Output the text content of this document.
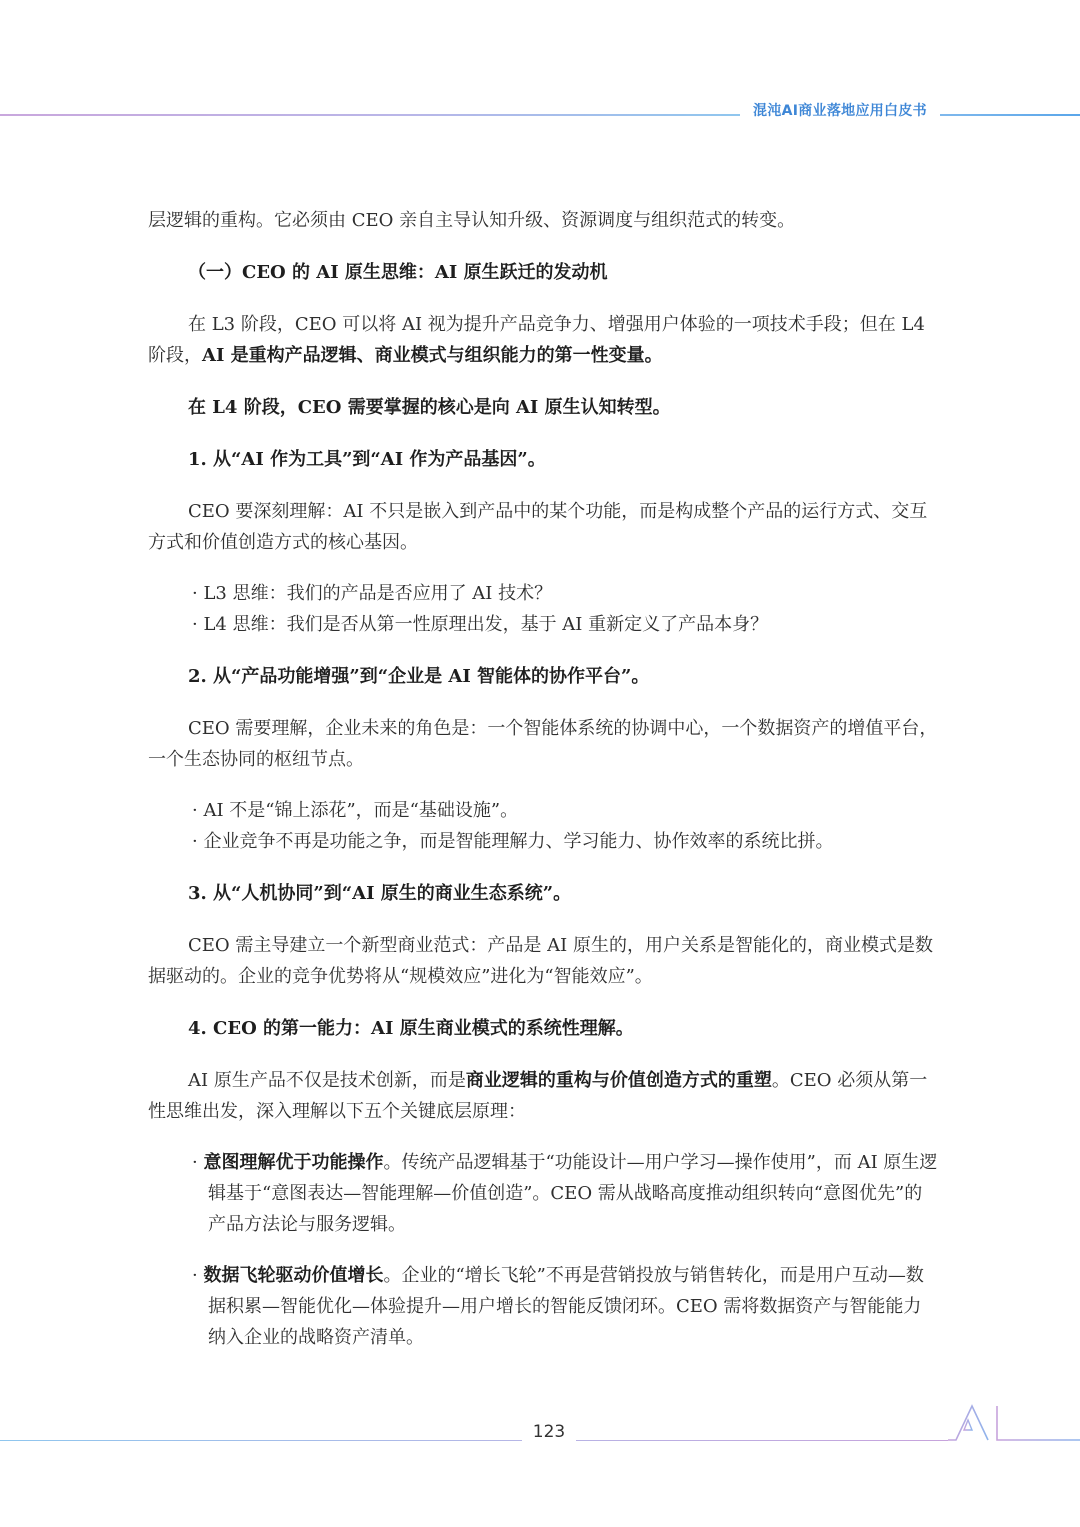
混沌AI商业落地应用白皮书

层逻辑的重构。它必须由 CEO 亲自主导认知升级、资源调度与组织范式的转变。

（一）CEO 的 AI 原生思维：AI 原生跃迁的发动机

在 L3 阶段，CEO 可以将 AI 视为提升产品竞争力、增强用户体验的一项技术手段；但在 L4 阶段，AI 是重构产品逻辑、商业模式与组织能力的第一性变量。

在 L4 阶段，CEO 需要掌握的核心是向 AI 原生认知转型。

1. 从“AI 作为工具”到“AI 作为产品基因”。

CEO 要深刻理解：AI 不只是嵌入到产品中的某个功能，而是构成整个产品的运行方式、交互方式和价值创造方式的核心基因。

· L3 思维：我们的产品是否应用了 AI 技术？

· L4 思维：我们是否从第一性原理出发，基于 AI 重新定义了产品本身？

2. 从“产品功能增强”到“企业是 AI 智能体的协作平台”。

CEO 需要理解，企业未来的角色是：一个智能体系统的协调中心，一个数据资产的增值平台，一个生态协同的枢纽节点。

· AI 不是“锦上添花”，而是“基础设施”。

· 企业竞争不再是功能之争，而是智能理解力、学习能力、协作效率的系统比拼。

3. 从“人机协同”到“AI 原生的商业生态系统”。

CEO 需主导建立一个新型商业范式：产品是 AI 原生的，用户关系是智能化的，商业模式是数据驱动的。企业的竞争优势将从“规模效应”进化为“智能效应”。

4. CEO 的第一能力：AI 原生商业模式的系统性理解。

AI 原生产品不仅是技术创新，而是商业逻辑的重构与价值创造方式的重塑。CEO 必须从第一性思维出发，深入理解以下五个关键底层原理：

· 意图理解优于功能操作。传统产品逻辑基于“功能设计—用户学习—操作使用”，而 AI 原生逻辑基于“意图表达—智能理解—价值创造”。CEO 需从战略高度推动组织转向“意图优先”的产品方法论与服务逻辑。

· 数据飞轮驱动价值增长。企业的“增长飞轮”不再是营销投放与销售转化，而是用户互动—数据积累—智能优化—体验提升—用户增长的智能反馈闭环。CEO 需将数据资产与智能能力纳入企业的战略资产清单。

123
